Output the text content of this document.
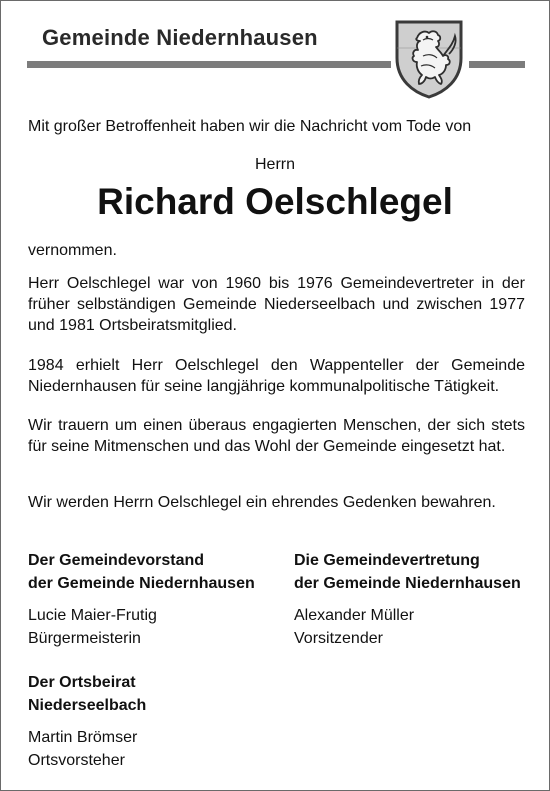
Gemeinde Niedernhausen
Mit großer Betroffenheit haben wir die Nachricht vom Tode von
Herrn
Richard Oelschlegel
vernommen.
Herr Oelschlegel war von 1960 bis 1976 Gemeindevertreter in der früher selbständigen Gemeinde Niederseelbach und zwischen 1977 und 1981 Ortsbeiratsmitglied.
1984 erhielt Herr Oelschlegel den Wappenteller der Gemeinde Niedernhausen für seine langjährige kommunalpolitische Tätigkeit.
Wir trauern um einen überaus engagierten Menschen, der sich stets für seine Mitmenschen und das Wohl der Gemeinde eingesetzt hat.
Wir werden Herrn Oelschlegel ein ehrendes Gedenken bewahren.
Der Gemeindevorstand
der Gemeinde Niedernhausen
Lucie Maier-Frutig
Bürgermeisterin
Die Gemeindevertretung
der Gemeinde Niedernhausen
Alexander Müller
Vorsitzender
Der Ortsbeirat
Niederseelbach
Martin Brömser
Ortsvorsteher
